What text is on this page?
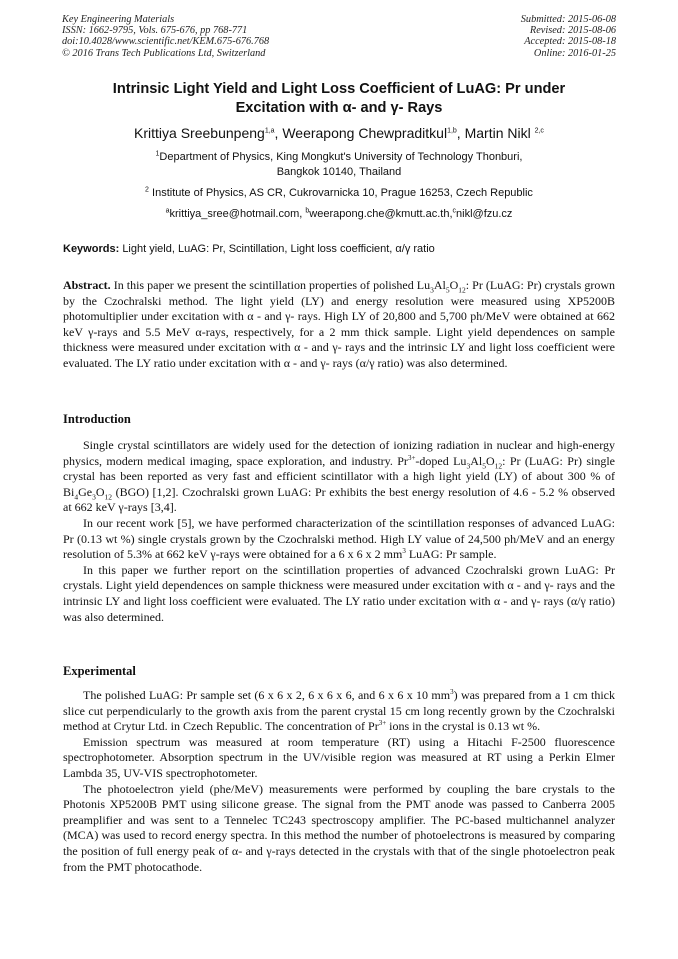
Key Engineering Materials
ISSN: 1662-9795, Vols. 675-676, pp 768-771
doi:10.4028/www.scientific.net/KEM.675-676.768
© 2016 Trans Tech Publications Ltd, Switzerland
Submitted: 2015-06-08
Revised: 2015-08-06
Accepted: 2015-08-18
Online: 2016-01-25
Intrinsic Light Yield and Light Loss Coefficient of LuAG: Pr under
Excitation with α- and γ- Rays
Krittiya Sreebunpeng$^{1,a}$, Weerapong Chewpraditkul$^{1,b}$, Martin Nikl $^{2,c}$
$^1$Department of Physics, King Mongkut's University of Technology Thonburi,
Bangkok 10140, Thailand
$^2$ Institute of Physics, AS CR, Cukrovarnicka 10, Prague 16253, Czech Republic
$^a$krittiya_sree@hotmail.com, $^b$weerapong.che@kmutt.ac.th,$^c$nikl@fzu.cz
Keywords: Light yield, LuAG: Pr, Scintillation, Light loss coefficient, α/γ ratio

Abstract. In this paper we present the scintillation properties of polished $Lu_3Al_5O_{12}$: Pr (LuAG: Pr) crystals grown by the Czochralski method. The light yield (LY) and energy resolution were measured using XP5200B photomultiplier under excitation with α - and γ- rays. High LY of 20,800 and 5,700 ph/MeV were obtained at 662 keV γ-rays and 5.5 MeV α-rays, respectively, for a 2 mm thick sample. Light yield dependences on sample thickness were measured under excitation with α - and γ- rays and the intrinsic LY and light loss coefficient were evaluated. The LY ratio under excitation with α - and γ- rays (α/γ ratio) was also determined.

Introduction

Single crystal scintillators are widely used for the detection of ionizing radiation in nuclear and high-energy physics, modern medical imaging, space exploration, and industry. $Pr^{3+}$-doped $Lu_3Al_5O_{12}$: Pr (LuAG: Pr) single crystal has been reported as very fast and efficient scintillator with a high light yield (LY) of about 300 % of $Bi_4Ge_3O_{12}$ (BGO) [1,2]. Czochralski grown LuAG: Pr exhibits the best energy resolution of 4.6 - 5.2 % observed at 662 keV γ-rays [3,4].

In our recent work [5], we have performed characterization of the scintillation responses of advanced LuAG: Pr (0.13 wt %) single crystals grown by the Czochralski method. High LY value of 24,500 ph/MeV and an energy resolution of 5.3% at 662 keV γ-rays were obtained for a 6 x 6 x 2 $mm^3$ LuAG: Pr sample.

In this paper we further report on the scintillation properties of advanced Czochralski grown LuAG: Pr crystals. Light yield dependences on sample thickness were measured under excitation with α - and γ- rays and the intrinsic LY and light loss coefficient were evaluated. The LY ratio under excitation with α - and γ- rays (α/γ ratio) was also determined.

Experimental

The polished LuAG: Pr sample set (6 x 6 x 2, 6 x 6 x 6, and 6 x 6 x 10 $mm^3$) was prepared from a 1 cm thick slice cut perpendicularly to the growth axis from the parent crystal 15 cm long recently grown by the Czochralski method at Crytur Ltd. in Czech Republic. The concentration of $Pr^{3+}$ ions in the crystal is 0.13 wt %.

Emission spectrum was measured at room temperature (RT) using a Hitachi F-2500 fluorescence spectrophotometer. Absorption spectrum in the UV/visible region was measured at RT using a Perkin Elmer Lambda 35, UV-VIS spectrophotometer.

The photoelectron yield (phe/MeV) measurements were performed by coupling the bare crystals to the Photonis XP5200B PMT using silicone grease. The signal from the PMT anode was passed to Canberra 2005 preamplifier and was sent to a Tennelec TC243 spectroscopy amplifier. The PC-based multichannel analyzer (MCA) was used to record energy spectra. In this method the number of photoelectrons is measured by comparing the position of full energy peak of α- and γ-rays detected in the crystals with that of the single photoelectron peak from the PMT photocathode.
